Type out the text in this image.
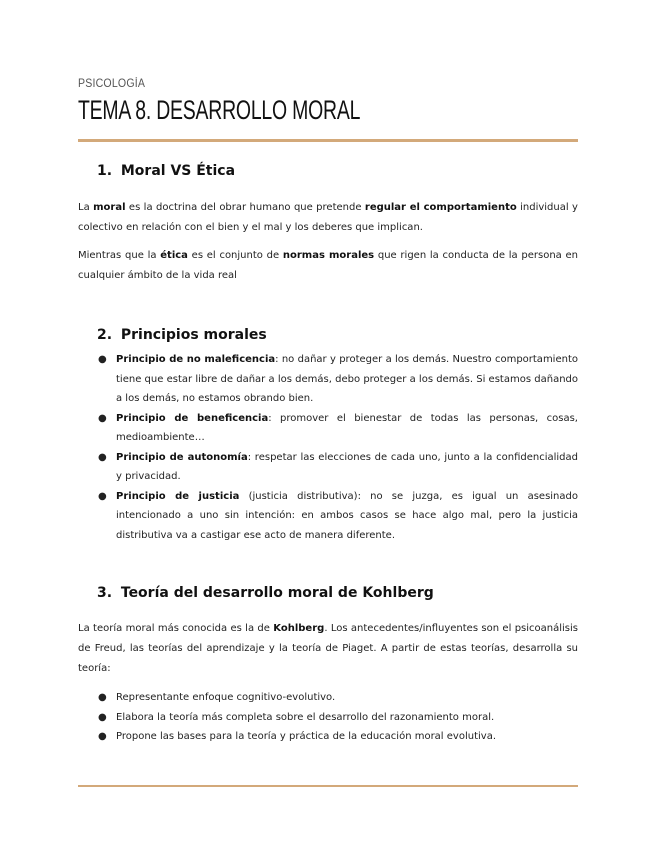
PSICOLOGÍA
TEMA 8. DESARROLLO MORAL
1. Moral VS Ética

La moral es la doctrina del obrar humano que pretende regular el comportamiento individual y colectivo en relación con el bien y el mal y los deberes que implican.

Mientras que la ética es el conjunto de normas morales que rigen la conducta de la persona en cualquier ámbito de la vida real

2. Principios morales
● Principio de no maleficencia: no dañar y proteger a los demás. Nuestro comportamiento tiene que estar libre de dañar a los demás, debo proteger a los demás. Si estamos dañando a los demás, no estamos obrando bien.
● Principio de beneficencia: promover el bienestar de todas las personas, cosas, medioambiente…
● Principio de autonomía: respetar las elecciones de cada uno, junto a la confidencialidad y privacidad.
● Principio de justicia (justicia distributiva): no se juzga, es igual un asesinado intencionado a uno sin intención: en ambos casos se hace algo mal, pero la justicia distributiva va a castigar ese acto de manera diferente.
3. Teoría del desarrollo moral de Kohlberg

La teoría moral más conocida es la de Kohlberg. Los antecedentes/influyentes son el psicoanálisis de Freud, las teorías del aprendizaje y la teoría de Piaget. A partir de estas teorías, desarrolla su teoría:

● Representante enfoque cognitivo-evolutivo.
● Elabora la teoría más completa sobre el desarrollo del razonamiento moral.
● Propone las bases para la teoría y práctica de la educación moral evolutiva.
